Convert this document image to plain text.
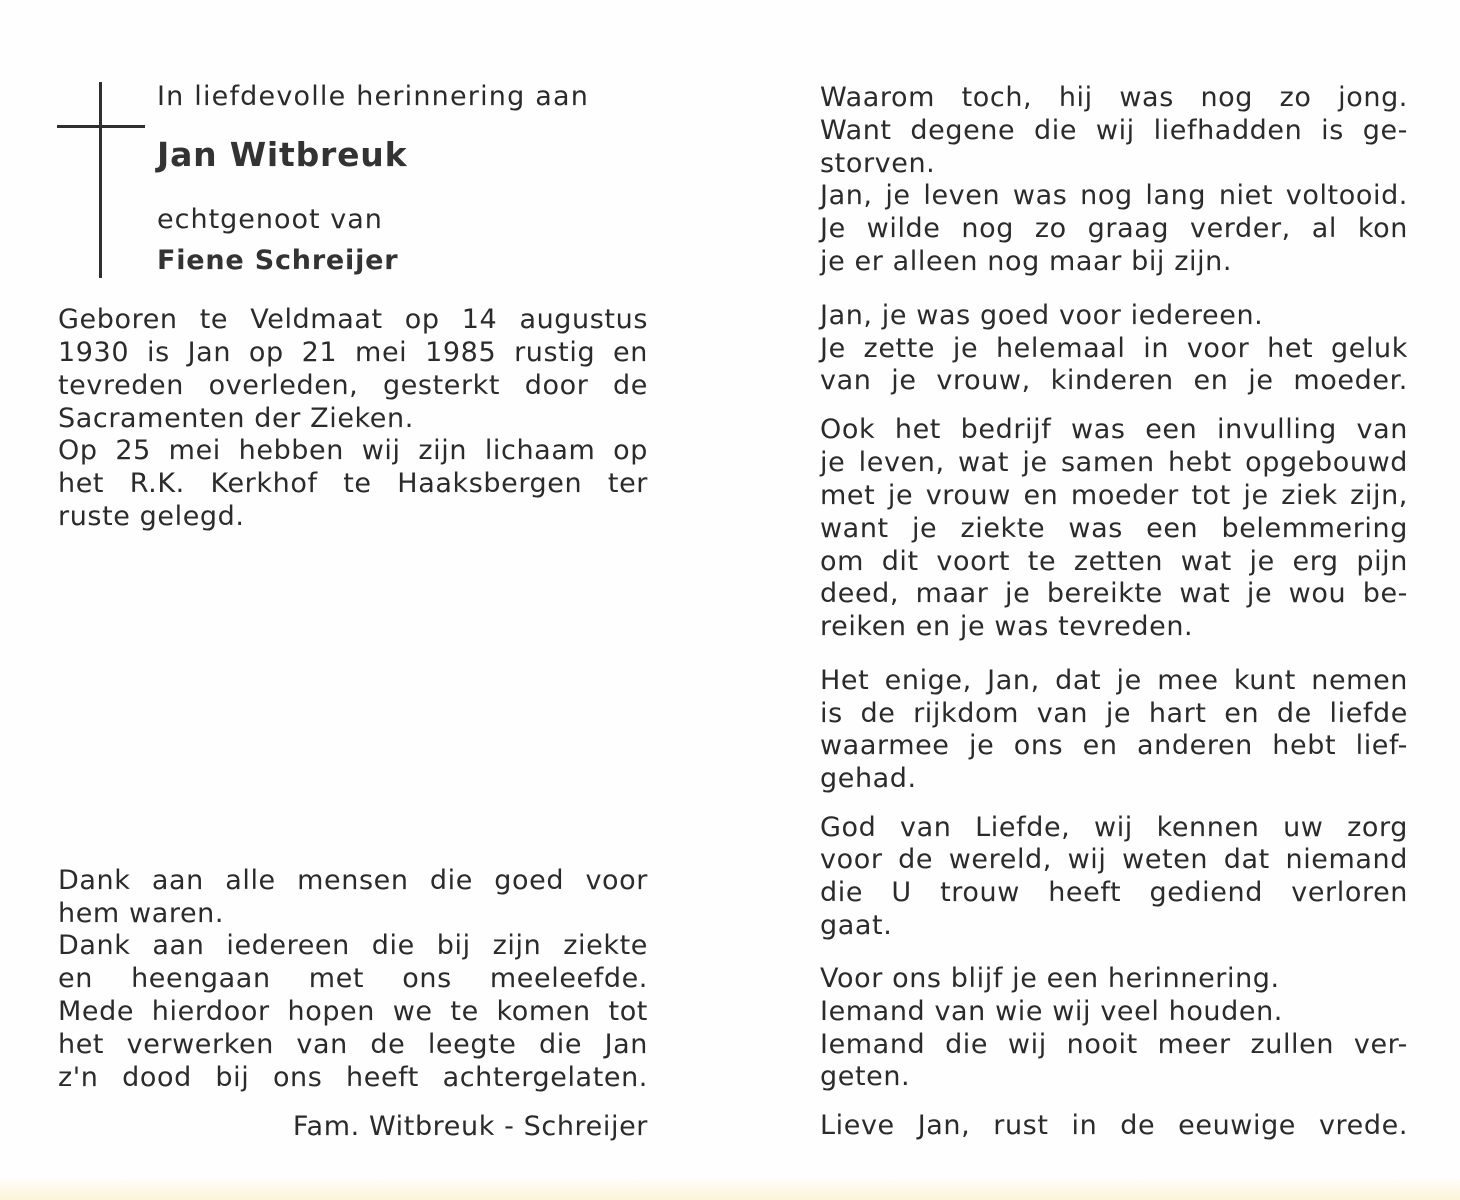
In liefdevolle herinnering aan
Jan Witbreuk
echtgenoot van
Fiene Schreijer
Geboren te Veldmaat op 14 augustus
1930 is Jan op 21 mei 1985 rustig en
tevreden overleden, gesterkt door de
Sacramenten der Zieken.
Op 25 mei hebben wij zijn lichaam op
het R.K. Kerkhof te Haaksbergen ter
ruste gelegd.
Dank aan alle mensen die goed voor
hem waren.
Dank aan iedereen die bij zijn ziekte
en heengaan met ons meeleefde.
Mede hierdoor hopen we te komen tot
het verwerken van de leegte die Jan
z'n dood bij ons heeft achtergelaten.
Fam. Witbreuk - Schreijer
Waarom toch, hij was nog zo jong.
Want degene die wij liefhadden is ge-
storven.
Jan, je leven was nog lang niet voltooid.
Je wilde nog zo graag verder, al kon
je er alleen nog maar bij zijn.
Jan, je was goed voor iedereen.
Je zette je helemaal in voor het geluk
van je vrouw, kinderen en je moeder.
Ook het bedrijf was een invulling van
je leven, wat je samen hebt opgebouwd
met je vrouw en moeder tot je ziek zijn,
want je ziekte was een belemmering
om dit voort te zetten wat je erg pijn
deed, maar je bereikte wat je wou be-
reiken en je was tevreden.
Het enige, Jan, dat je mee kunt nemen
is de rijkdom van je hart en de liefde
waarmee je ons en anderen hebt lief-
gehad.
God van Liefde, wij kennen uw zorg
voor de wereld, wij weten dat niemand
die U trouw heeft gediend verloren
gaat.
Voor ons blijf je een herinnering.
Iemand van wie wij veel houden.
Iemand die wij nooit meer zullen ver-
geten.
Lieve Jan, rust in de eeuwige vrede.
